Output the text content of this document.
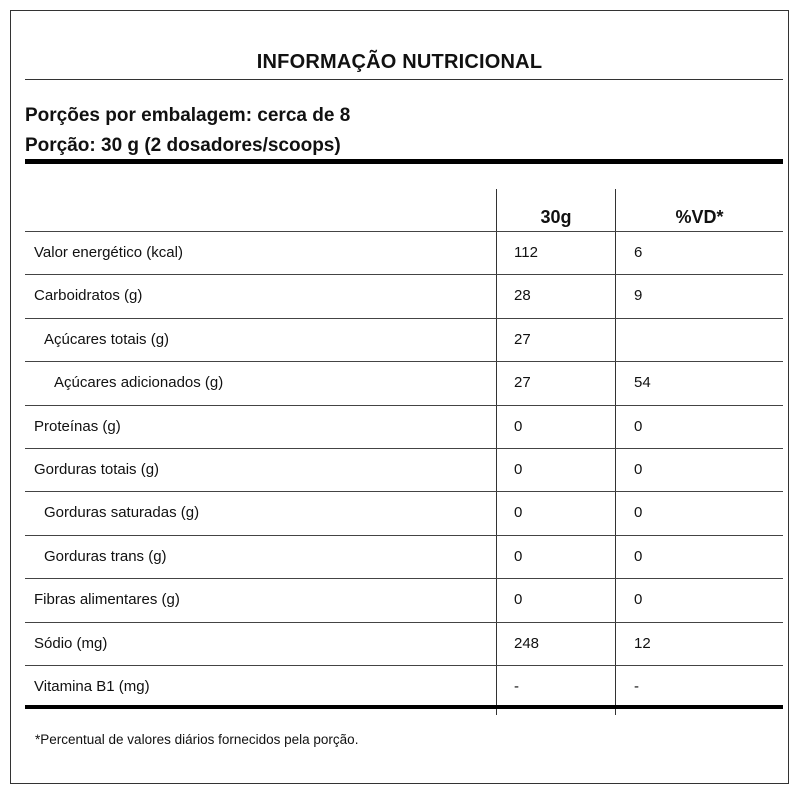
INFORMAÇÃO NUTRICIONAL
Porções por embalagem: cerca de 8
Porção: 30 g (2 dosadores/scoops)
30g	%VD*
Valor energético (kcal)	112	6
Carboidratos (g)	28	9
Açúcares totais (g)	27
Açúcares adicionados (g)	27	54
Proteínas (g)	0	0
Gorduras totais (g)	0	0
Gorduras saturadas (g)	0	0
Gorduras trans (g)	0	0
Fibras alimentares (g)	0	0
Sódio (mg)	248	12
Vitamina B1 (mg)	-	-
*Percentual de valores diários fornecidos pela porção.
